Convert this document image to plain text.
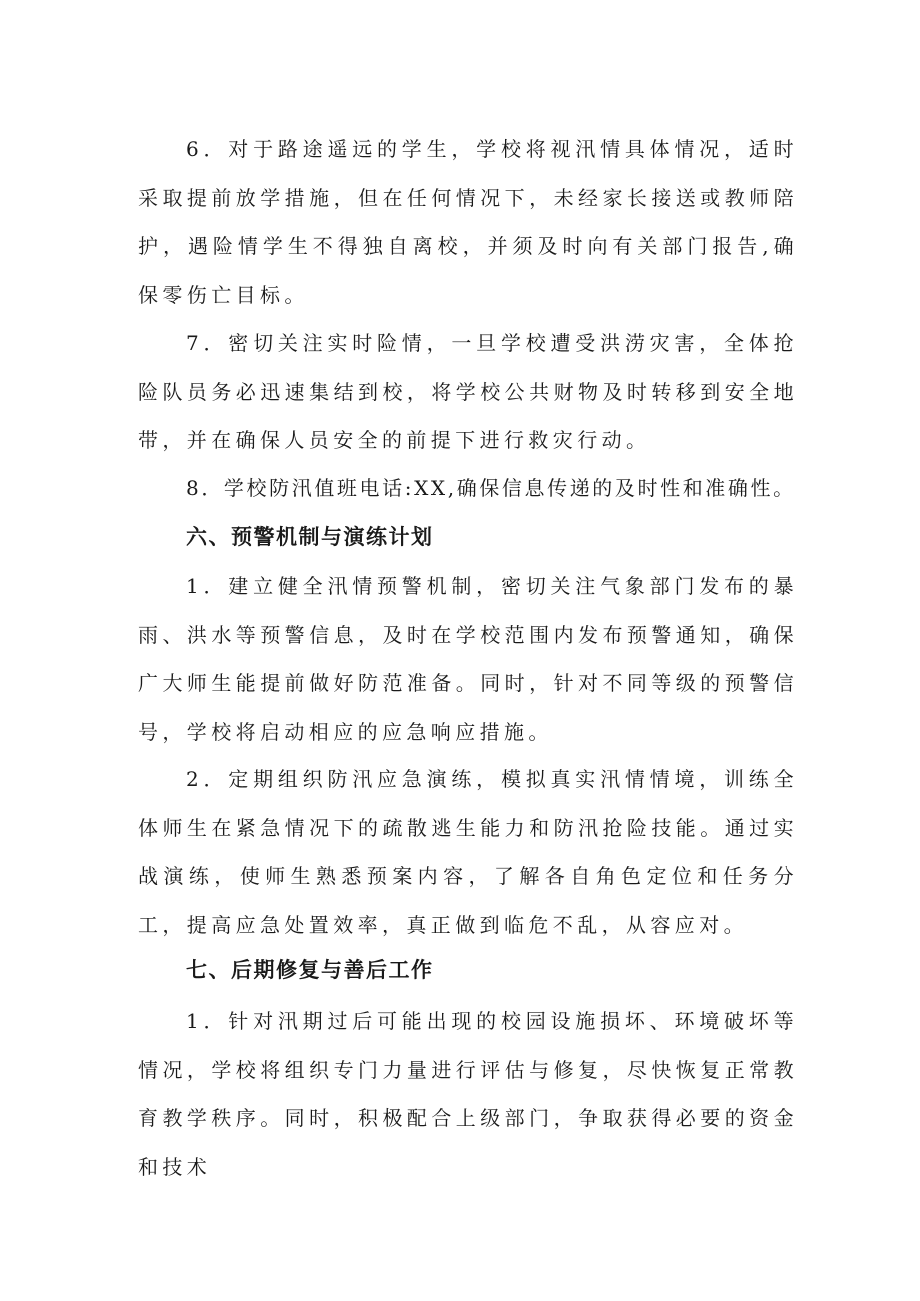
6．对于路途遥远的学生，学校将视汛情具体情况，适时采取提前放学措施，但在任何情况下，未经家长接送或教师陪护，遇险情学生不得独自离校，并须及时向有关部门报告,确保零伤亡目标。

7．密切关注实时险情，一旦学校遭受洪涝灾害，全体抢险队员务必迅速集结到校，将学校公共财物及时转移到安全地带，并在确保人员安全的前提下进行救灾行动。

8．学校防汛值班电话:XX,确保信息传递的及时性和准确性。

六、预警机制与演练计划

1．建立健全汛情预警机制，密切关注气象部门发布的暴雨、洪水等预警信息，及时在学校范围内发布预警通知，确保广大师生能提前做好防范准备。同时，针对不同等级的预警信号，学校将启动相应的应急响应措施。

2．定期组织防汛应急演练，模拟真实汛情情境，训练全体师生在紧急情况下的疏散逃生能力和防汛抢险技能。通过实战演练，使师生熟悉预案内容，了解各自角色定位和任务分工，提高应急处置效率，真正做到临危不乱，从容应对。

七、后期修复与善后工作

1．针对汛期过后可能出现的校园设施损坏、环境破坏等情况，学校将组织专门力量进行评估与修复，尽快恢复正常教育教学秩序。同时，积极配合上级部门，争取获得必要的资金和技术
